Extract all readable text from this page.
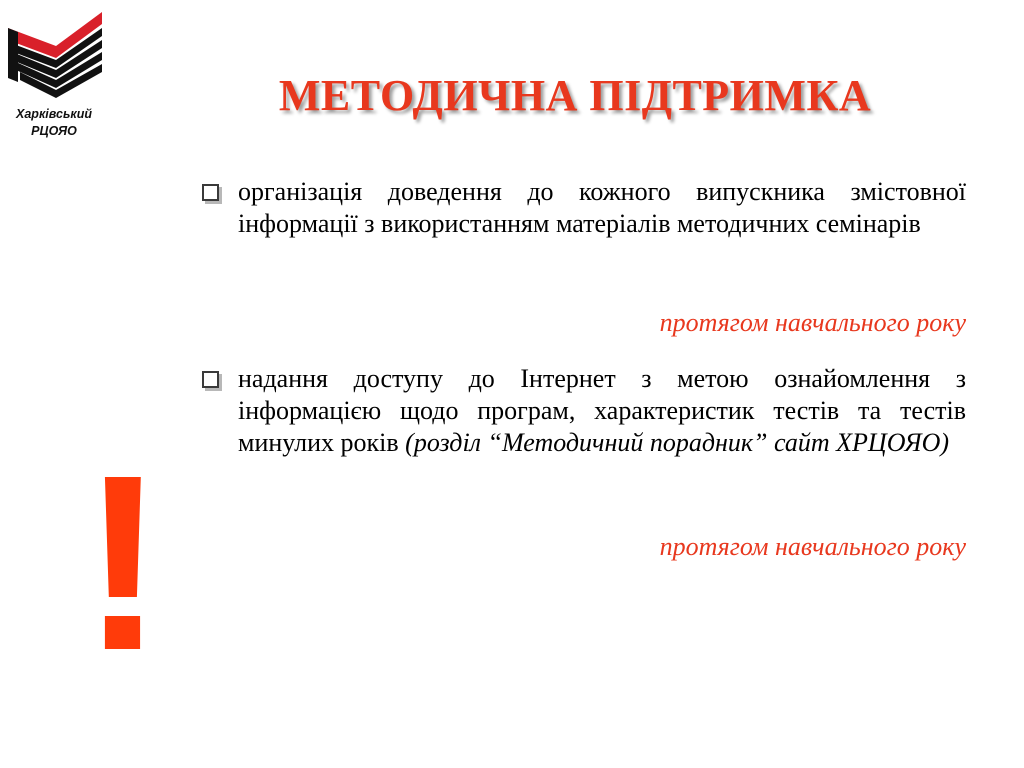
Харківський
РЦОЯО
МЕТОДИЧНА ПІДТРИМКА
організація доведення до кожного випускника змістовної інформації з використанням матеріалів методичних семінарів
протягом навчального року
надання доступу до Інтернет з метою ознайомлення з інформацією щодо програм, характеристик тестів та тестів минулих років (розділ “Методичний порадник” сайт ХРЦОЯО)
протягом навчального року
!
